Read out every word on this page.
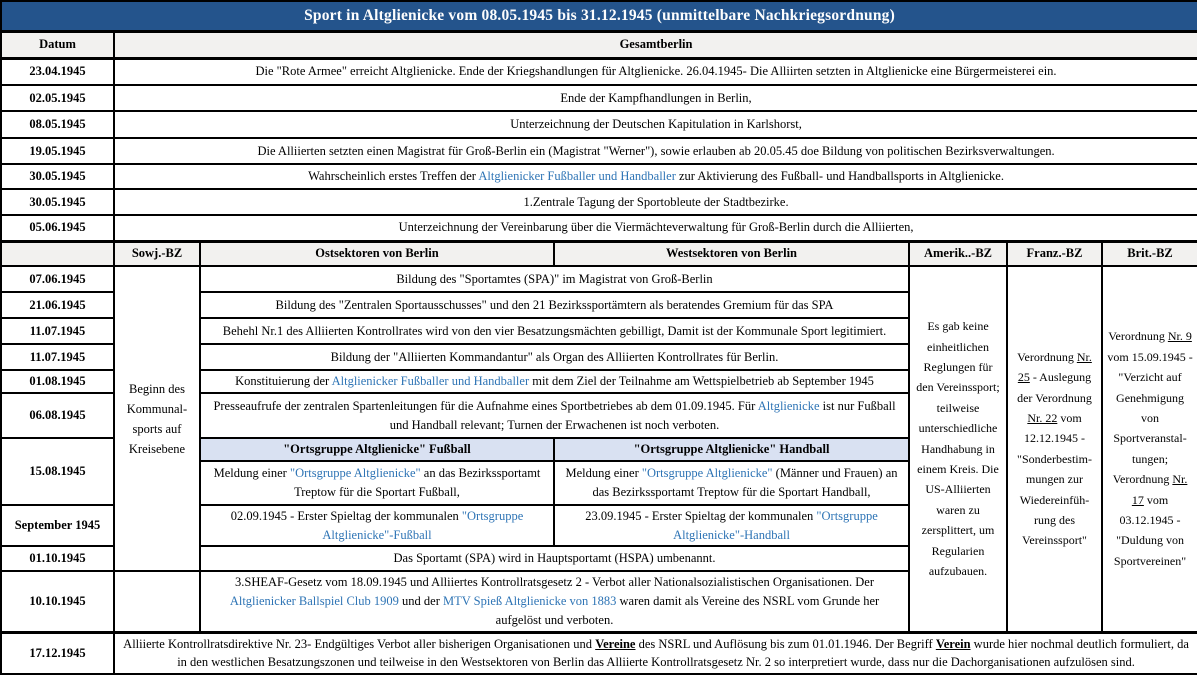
Sport in Altglienicke vom 08.05.1945 bis 31.12.1945 (unmittelbare Nachkriegsordnung)						
Datum	Gesamtberlin					
23.04.1945	Die "Rote Armee" erreicht Altglienicke. Ende der Kriegshandlungen für Altglienicke. 26.04.1945- Die Alliirten setzten in Altglienicke eine Bürgermeisterei ein.					
02.05.1945	Ende der Kampfhandlungen in Berlin,					
08.05.1945	Unterzeichnung der Deutschen Kapitulation in Karlshorst,					
19.05.1945	Die Alliierten setzten einen Magistrat für Groß-Berlin ein (Magistrat "Werner"), sowie erlauben ab 20.05.45 doe Bildung von politischen Bezirksverwaltungen.					
30.05.1945	Wahrscheinlich erstes Treffen der Altglienicker Fußballer und Handballer zur Aktivierung des Fußball- und Handballsports in Altglienicke.					
30.05.1945	1.Zentrale Tagung der Sportobleute der Stadtbezirke.					
05.06.1945	Unterzeichnung der Vereinbarung über die Viermächteverwaltung für Groß-Berlin durch die Alliierten,					
	Sowj.-BZ	Ostsektoren von Berlin	Westsektoren von Berlin	Amerik..-BZ	Franz.-BZ	Brit.-BZ
07.06.1945	Beginn des Kommunal- sports auf Kreisebene	Bildung des "Sportamtes (SPA)" im Magistrat von Groß-Berlin		Es gab keine einheitlichen Reglungen für den Vereinssport; teilweise unterschiedliche Handhabung in einem Kreis. Die US-Alliierten waren zu zersplittert, um Regularien aufzubauen.	Verordnung Nr. 25 - Auslegung der Verordnung Nr. 22 vom 12.12.1945 - "Sonderbestimmungen zur Wiedereinführung des Vereinssport"	Verordnung Nr. 9 vom 15.09.1945 - "Verzicht auf Genehmigung von Sportveranstaltungen; Verordnung Nr. 17 vom 03.12.1945 - "Duldung von Sportvereinen"
21.06.1945		Bildung des "Zentralen Sportausschusses" und den 21 Bezirkssportämtern als beratendes Gremium für das SPA				
11.07.1945		Behehl Nr.1 des Alliierten Kontrollrates wird von den vier Besatzungsmächten gebilligt, Damit ist der Kommunale Sport legitimiert.				
11.07.1945		Bildung der "Alliierten Kommandantur" als Organ des Alliierten Kontrollrates für Berlin.				
01.08.1945		Konstituierung der Altglienicker Fußballer und Handballer mit dem Ziel der Teilnahme am Wettspielbetrieb ab September 1945				
06.08.1945		Presseaufrufe der zentralen Spartenleitungen für die Aufnahme eines Sportbetriebes ab dem 01.09.1945. Für Altglienicke ist nur Fußball und Handball relevant; Turnen der Erwachenen ist noch verboten.				
15.08.1945		"Ortsgruppe Altglienicke" Fußball	"Ortsgruppe Altglienicke" Handball			
		Meldung einer "Ortsgruppe Altglienicke" an das Bezirkssportamt Treptow für die Sportart Fußball,	Meldung einer "Ortsgruppe Altglienicke" (Männer und Frauen) an das Bezirkssportamt Treptow für die Sportart Handball,			
September 1945		02.09.1945 - Erster Spieltag der kommunalen "Ortsgruppe Altglienicke"-Fußball	23.09.1945 - Erster Spieltag der kommunalen "Ortsgruppe Altglienicke"-Handball			
01.10.1945		Das Sportamt (SPA) wird in Hauptsportamt (HSPA) umbenannt.				
10.10.1945		3.SHEAF-Gesetz vom 18.09.1945 und Alliiertes Kontrollratsgesetz 2 - Verbot aller Nationalsozialistischen Organisationen. Der Altglienicker Ballspiel Club 1909 und der MTV Spieß Altglienicke von 1883 waren damit als Vereine des NSRL vom Grunde her aufgelöst und verboten.				
17.12.1945	Alliierte Kontrollratsdirektive Nr. 23- Endgültiges Verbot aller bisherigen Organisationen und Vereine des NSRL und Auflösung bis zum 01.01.1946. Der Begriff Verein wurde hier nochmal deutlich formuliert, da in den westlichen Besatzungszonen und teilweise in den Westsektoren von Berlin das Alliierte Kontrollratsgesetz Nr. 2 so interpretiert wurde, dass nur die Dachorganisationen aufzulösen sind.					
